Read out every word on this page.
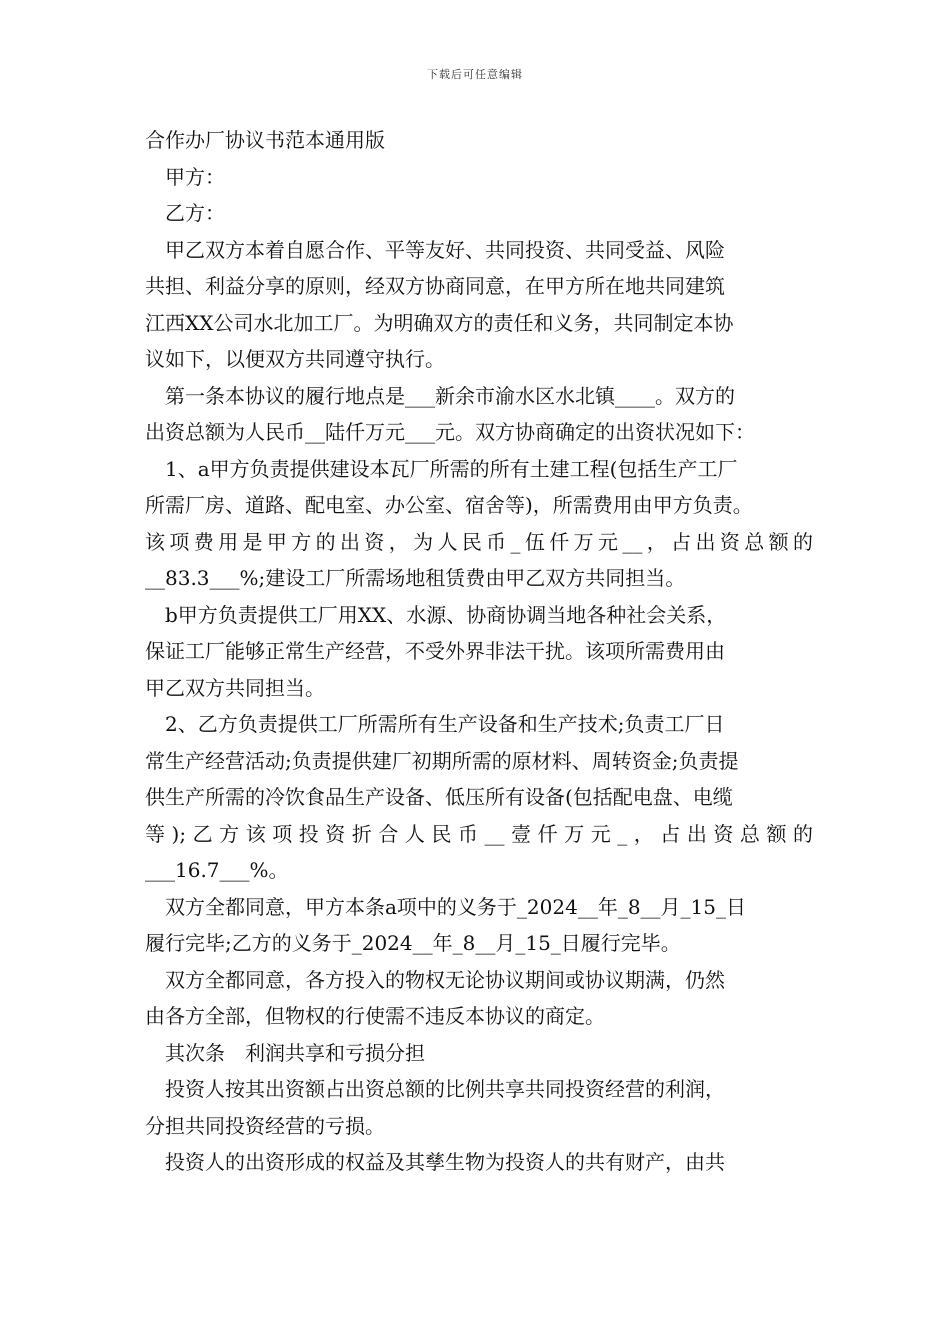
下载后可任意编辑
合作办厂协议书范本通用版
甲方：
乙方：
甲乙双方本着自愿合作、平等友好、共同投资、共同受益、风险
共担、利益分享的原则，经双方协商同意，在甲方所在地共同建筑
江西XX公司水北加工厂。为明确双方的责任和义务，共同制定本协
议如下，以便双方共同遵守执行。
第一条本协议的履行地点是___新余市渝水区水北镇____。双方的
出资总额为人民币__陆仟万元___元。双方协商确定的出资状况如下：
1、a甲方负责提供建设本瓦厂所需的所有土建工程(包括生产工厂
所需厂房、道路、配电室、办公室、宿舍等)，所需费用由甲方负责。
该项费用是甲方的出资，为人民币_伍仟万元__，占出资总额的
__83.3___%;建设工厂所需场地租赁费由甲乙双方共同担当。
b甲方负责提供工厂用XX、水源、协商协调当地各种社会关系，
保证工厂能够正常生产经营，不受外界非法干扰。该项所需费用由
甲乙双方共同担当。
2、乙方负责提供工厂所需所有生产设备和生产技术;负责工厂日
常生产经营活动;负责提供建厂初期所需的原材料、周转资金;负责提
供生产所需的冷饮食品生产设备、低压所有设备(包括配电盘、电缆
等);乙方该项投资折合人民币__壹仟万元_，占出资总额的
___16.7___%。
双方全都同意，甲方本条a项中的义务于_2024__年_8__月_15_日
履行完毕;乙方的义务于_2024__年_8__月_15_日履行完毕。
双方全都同意，各方投入的物权无论协议期间或协议期满，仍然
由各方全部，但物权的行使需不违反本协议的商定。
其次条　利润共享和亏损分担
投资人按其出资额占出资总额的比例共享共同投资经营的利润，
分担共同投资经营的亏损。
投资人的出资形成的权益及其孳生物为投资人的共有财产，由共
